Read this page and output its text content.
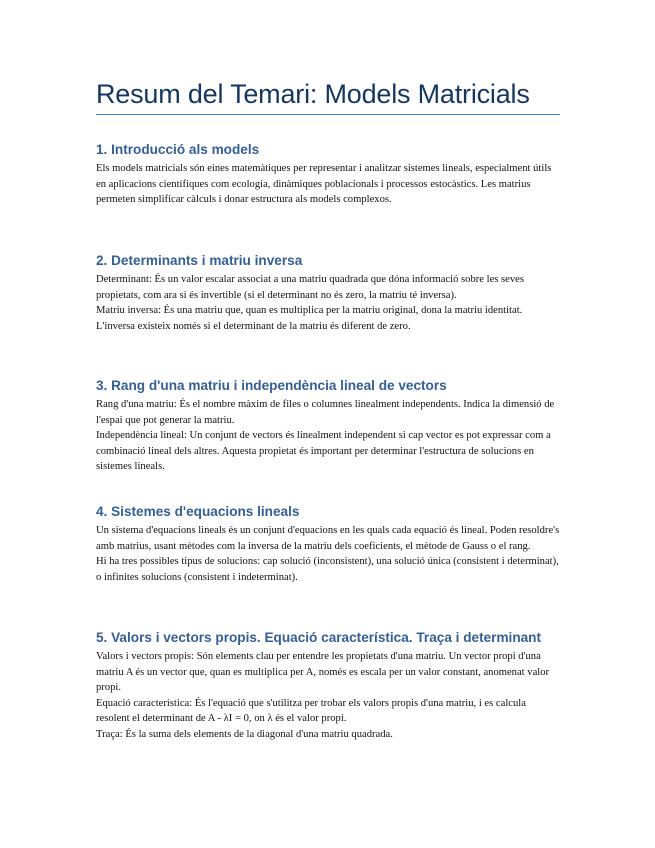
Resum del Temari: Models Matricials
1. Introducció als models

Els models matricials són eines matemàtiques per representar i analitzar sistemes lineals, especialment útils en aplicacions científiques com ecologia, dinàmiques poblacionals i processos estocàstics. Les matrius permeten simplificar càlculs i donar estructura als models complexos.

2. Determinants i matriu inversa

Determinant: És un valor escalar associat a una matriu quadrada que dóna informació sobre les seves propietats, com ara si és invertible (si el determinant no és zero, la matriu té inversa).

Matriu inversa: És una matriu que, quan es multiplica per la matriu original, dona la matriu identitat. L'inversa existeix només si el determinant de la matriu és diferent de zero.

3. Rang d'una matriu i independència lineal de vectors

Rang d'una matriu: És el nombre màxim de files o columnes linealment independents. Indica la dimensió de l'espai que pot generar la matriu.

Independència lineal: Un conjunt de vectors és linealment independent si cap vector es pot expressar com a combinació lineal dels altres. Aquesta propietat és important per determinar l'estructura de solucions en sistemes lineals.

4. Sistemes d'equacions lineals

Un sistema d'equacions lineals és un conjunt d'equacions en les quals cada equació és lineal. Poden resoldre's amb matrius, usant mètodes com la inversa de la matriu dels coeficients, el mètode de Gauss o el rang.

Hi ha tres possibles tipus de solucions: cap solució (inconsistent), una solució única (consistent i determinat), o infinites solucions (consistent i indeterminat).

5. Valors i vectors propis. Equació característica. Traça i determinant

Valors i vectors propis: Són elements clau per entendre les propietats d'una matriu. Un vector propi d'una matriu A és un vector que, quan es multiplica per A, només es escala per un valor constant, anomenat valor propi.

Equació característica: És l'equació que s'utilitza per trobar els valors propis d'una matriu, i es calcula resolent el determinant de A - λI = 0, on λ és el valor propi.

Traça: És la suma dels elements de la diagonal d'una matriu quadrada.
